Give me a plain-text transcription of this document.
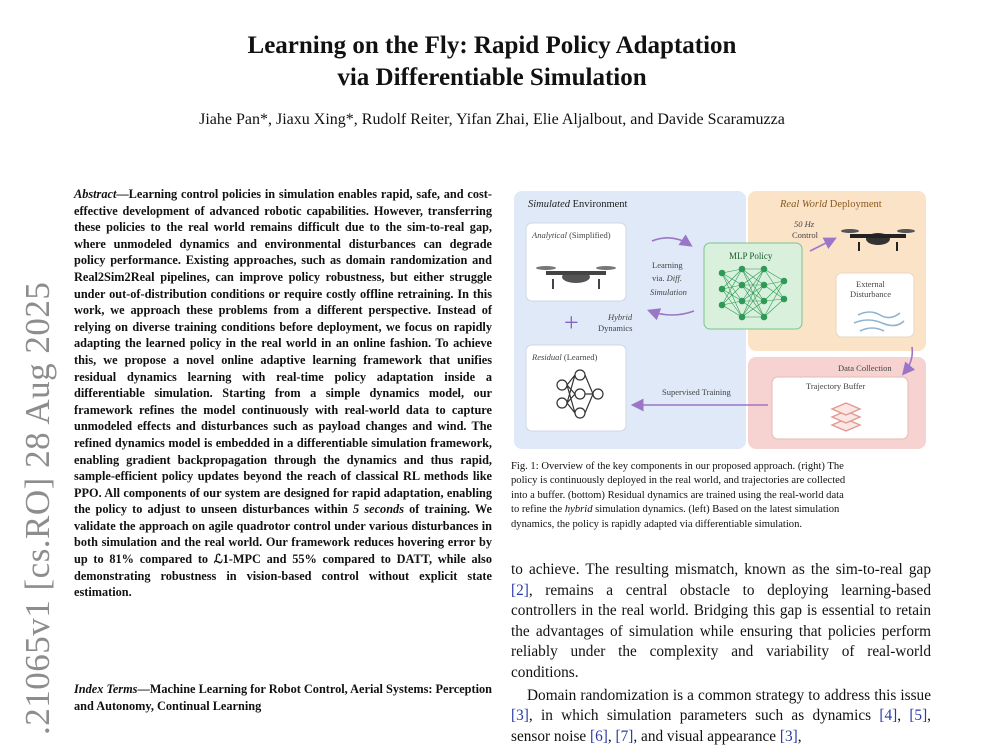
Learning on the Fly: Rapid Policy Adaptation
via Differentiable Simulation
Jiahe Pan*, Jiaxu Xing*, Rudolf Reiter, Yifan Zhai, Elie Aljalbout, and Davide Scaramuzza
.21065v1 [cs.RO] 28 Aug 2025
Abstract—Learning control policies in simulation enables rapid, safe, and cost-effective development of advanced robotic capabilities. However, transferring these policies to the real world remains difficult due to the sim-to-real gap, where unmodeled dynamics and environmental disturbances can degrade policy performance. Existing approaches, such as domain randomization and Real2Sim2Real pipelines, can improve policy robustness, but either struggle under out-of-distribution conditions or require costly offline retraining. In this work, we approach these problems from a different perspective. Instead of relying on diverse training conditions before deployment, we focus on rapidly adapting the learned policy in the real world in an online fashion. To achieve this, we propose a novel online adaptive learning framework that unifies residual dynamics learning with real-time policy adaptation inside a differentiable simulation. Starting from a simple dynamics model, our framework refines the model continuously with real-world data to capture unmodeled effects and disturbances such as payload changes and wind. The refined dynamics model is embedded in a differentiable simulation framework, enabling gradient backpropagation through the dynamics and thus rapid, sample-efficient policy updates beyond the reach of classical RL methods like PPO. All components of our system are designed for rapid adaptation, enabling the policy to adjust to unseen disturbances within 5 seconds of training. We validate the approach on agile quadrotor control under various disturbances in both simulation and the real world. Our framework reduces hovering error by up to 81% compared to ℒ1-MPC and 55% compared to DATT, while also demonstrating robustness in vision-based control without explicit state estimation.
Index Terms—Machine Learning for Robot Control, Aerial Systems: Perception and Autonomy, Continual Learning
Simulated Environment	Real World Deployment
Analytical (Simplified)
+	Hybrid
Dynamics
Residual (Learned)
Learning
via. Diff.
Simulation
MLP Policy
50 Hz
Control
External
Disturbance
Data Collection
Trajectory Buffer
Supervised Training
Fig. 1: Overview of the key components in our proposed approach. (right) The
policy is continuously deployed in the real world, and trajectories are collected
into a buffer. (bottom) Residual dynamics are trained using the real-world data
to refine the hybrid simulation dynamics. (left) Based on the latest simulation
dynamics, the policy is rapidly adapted via differentiable simulation.

to achieve. The resulting mismatch, known as the sim-to-real gap [2], remains a central obstacle to deploying learning-based controllers in the real world. Bridging this gap is essential to retain the advantages of simulation while ensuring that policies perform reliably under the complexity and variability of real-world conditions.

Domain randomization is a common strategy to address this issue [3], in which simulation parameters such as dynamics [4], [5], sensor noise [6], [7], and visual appearance [3],
